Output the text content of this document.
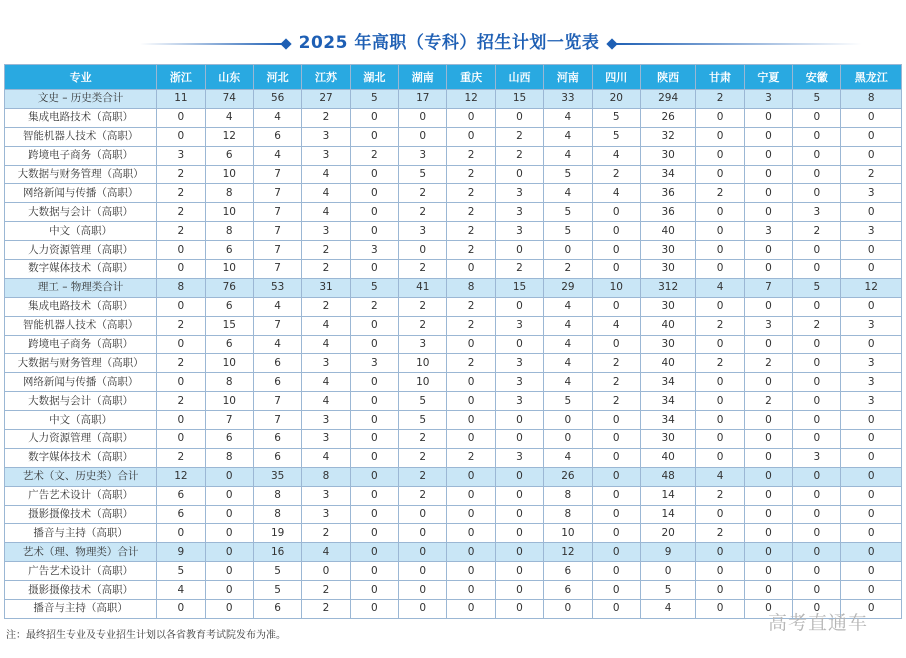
2025 年高职（专科）招生计划一览表
专业	浙江	山东	河北	江苏	湖北	湖南	重庆	山西	河南	四川	陕西	甘肃	宁夏	安徽	黑龙江
文史 – 历史类合计	11	74	56	27	5	17	12	15	33	20	294	2	3	5	8
集成电路技术（高职）	0	4	4	2	0	0	0	0	4	5	26	0	0	0	0
智能机器人技术（高职）	0	12	6	3	0	0	0	2	4	5	32	0	0	0	0
跨境电子商务（高职）	3	6	4	3	2	3	2	2	4	4	30	0	0	0	0
大数据与财务管理（高职）	2	10	7	4	0	5	2	0	5	2	34	0	0	0	2
网络新闻与传播（高职）	2	8	7	4	0	2	2	3	4	4	36	2	0	0	3
大数据与会计（高职）	2	10	7	4	0	2	2	3	5	0	36	0	0	3	0
中文（高职）	2	8	7	3	0	3	2	3	5	0	40	0	3	2	3
人力资源管理（高职）	0	6	7	2	3	0	2	0	0	0	30	0	0	0	0
数字媒体技术（高职）	0	10	7	2	0	2	0	2	2	0	30	0	0	0	0
理工 – 物理类合计	8	76	53	31	5	41	8	15	29	10	312	4	7	5	12
集成电路技术（高职）	0	6	4	2	2	2	2	0	4	0	30	0	0	0	0
智能机器人技术（高职）	2	15	7	4	0	2	2	3	4	4	40	2	3	2	3
跨境电子商务（高职）	0	6	4	4	0	3	0	0	4	0	30	0	0	0	0
大数据与财务管理（高职）	2	10	6	3	3	10	2	3	4	2	40	2	2	0	3
网络新闻与传播（高职）	0	8	6	4	0	10	0	3	4	2	34	0	0	0	3
大数据与会计（高职）	2	10	7	4	0	5	0	3	5	2	34	0	2	0	3
中文（高职）	0	7	7	3	0	5	0	0	0	0	34	0	0	0	0
人力资源管理（高职）	0	6	6	3	0	2	0	0	0	0	30	0	0	0	0
数字媒体技术（高职）	2	8	6	4	0	2	2	3	4	0	40	0	0	3	0
艺术（文、历史类）合计	12	0	35	8	0	2	0	0	26	0	48	4	0	0	0
广告艺术设计（高职）	6	0	8	3	0	2	0	0	8	0	14	2	0	0	0
摄影摄像技术（高职）	6	0	8	3	0	0	0	0	8	0	14	0	0	0	0
播音与主持（高职）	0	0	19	2	0	0	0	0	10	0	20	2	0	0	0
艺术（理、物理类）合计	9	0	16	4	0	0	0	0	12	0	9	0	0	0	0
广告艺术设计（高职）	5	0	5	0	0	0	0	0	6	0	0	0	0	0	0
摄影摄像技术（高职）	4	0	5	2	0	0	0	0	6	0	5	0	0	0	0
播音与主持（高职）	0	0	6	2	0	0	0	0	0	0	4	0	0	0	0
注：最终招生专业及专业招生计划以各省教育考试院发布为准。
高考直通车
